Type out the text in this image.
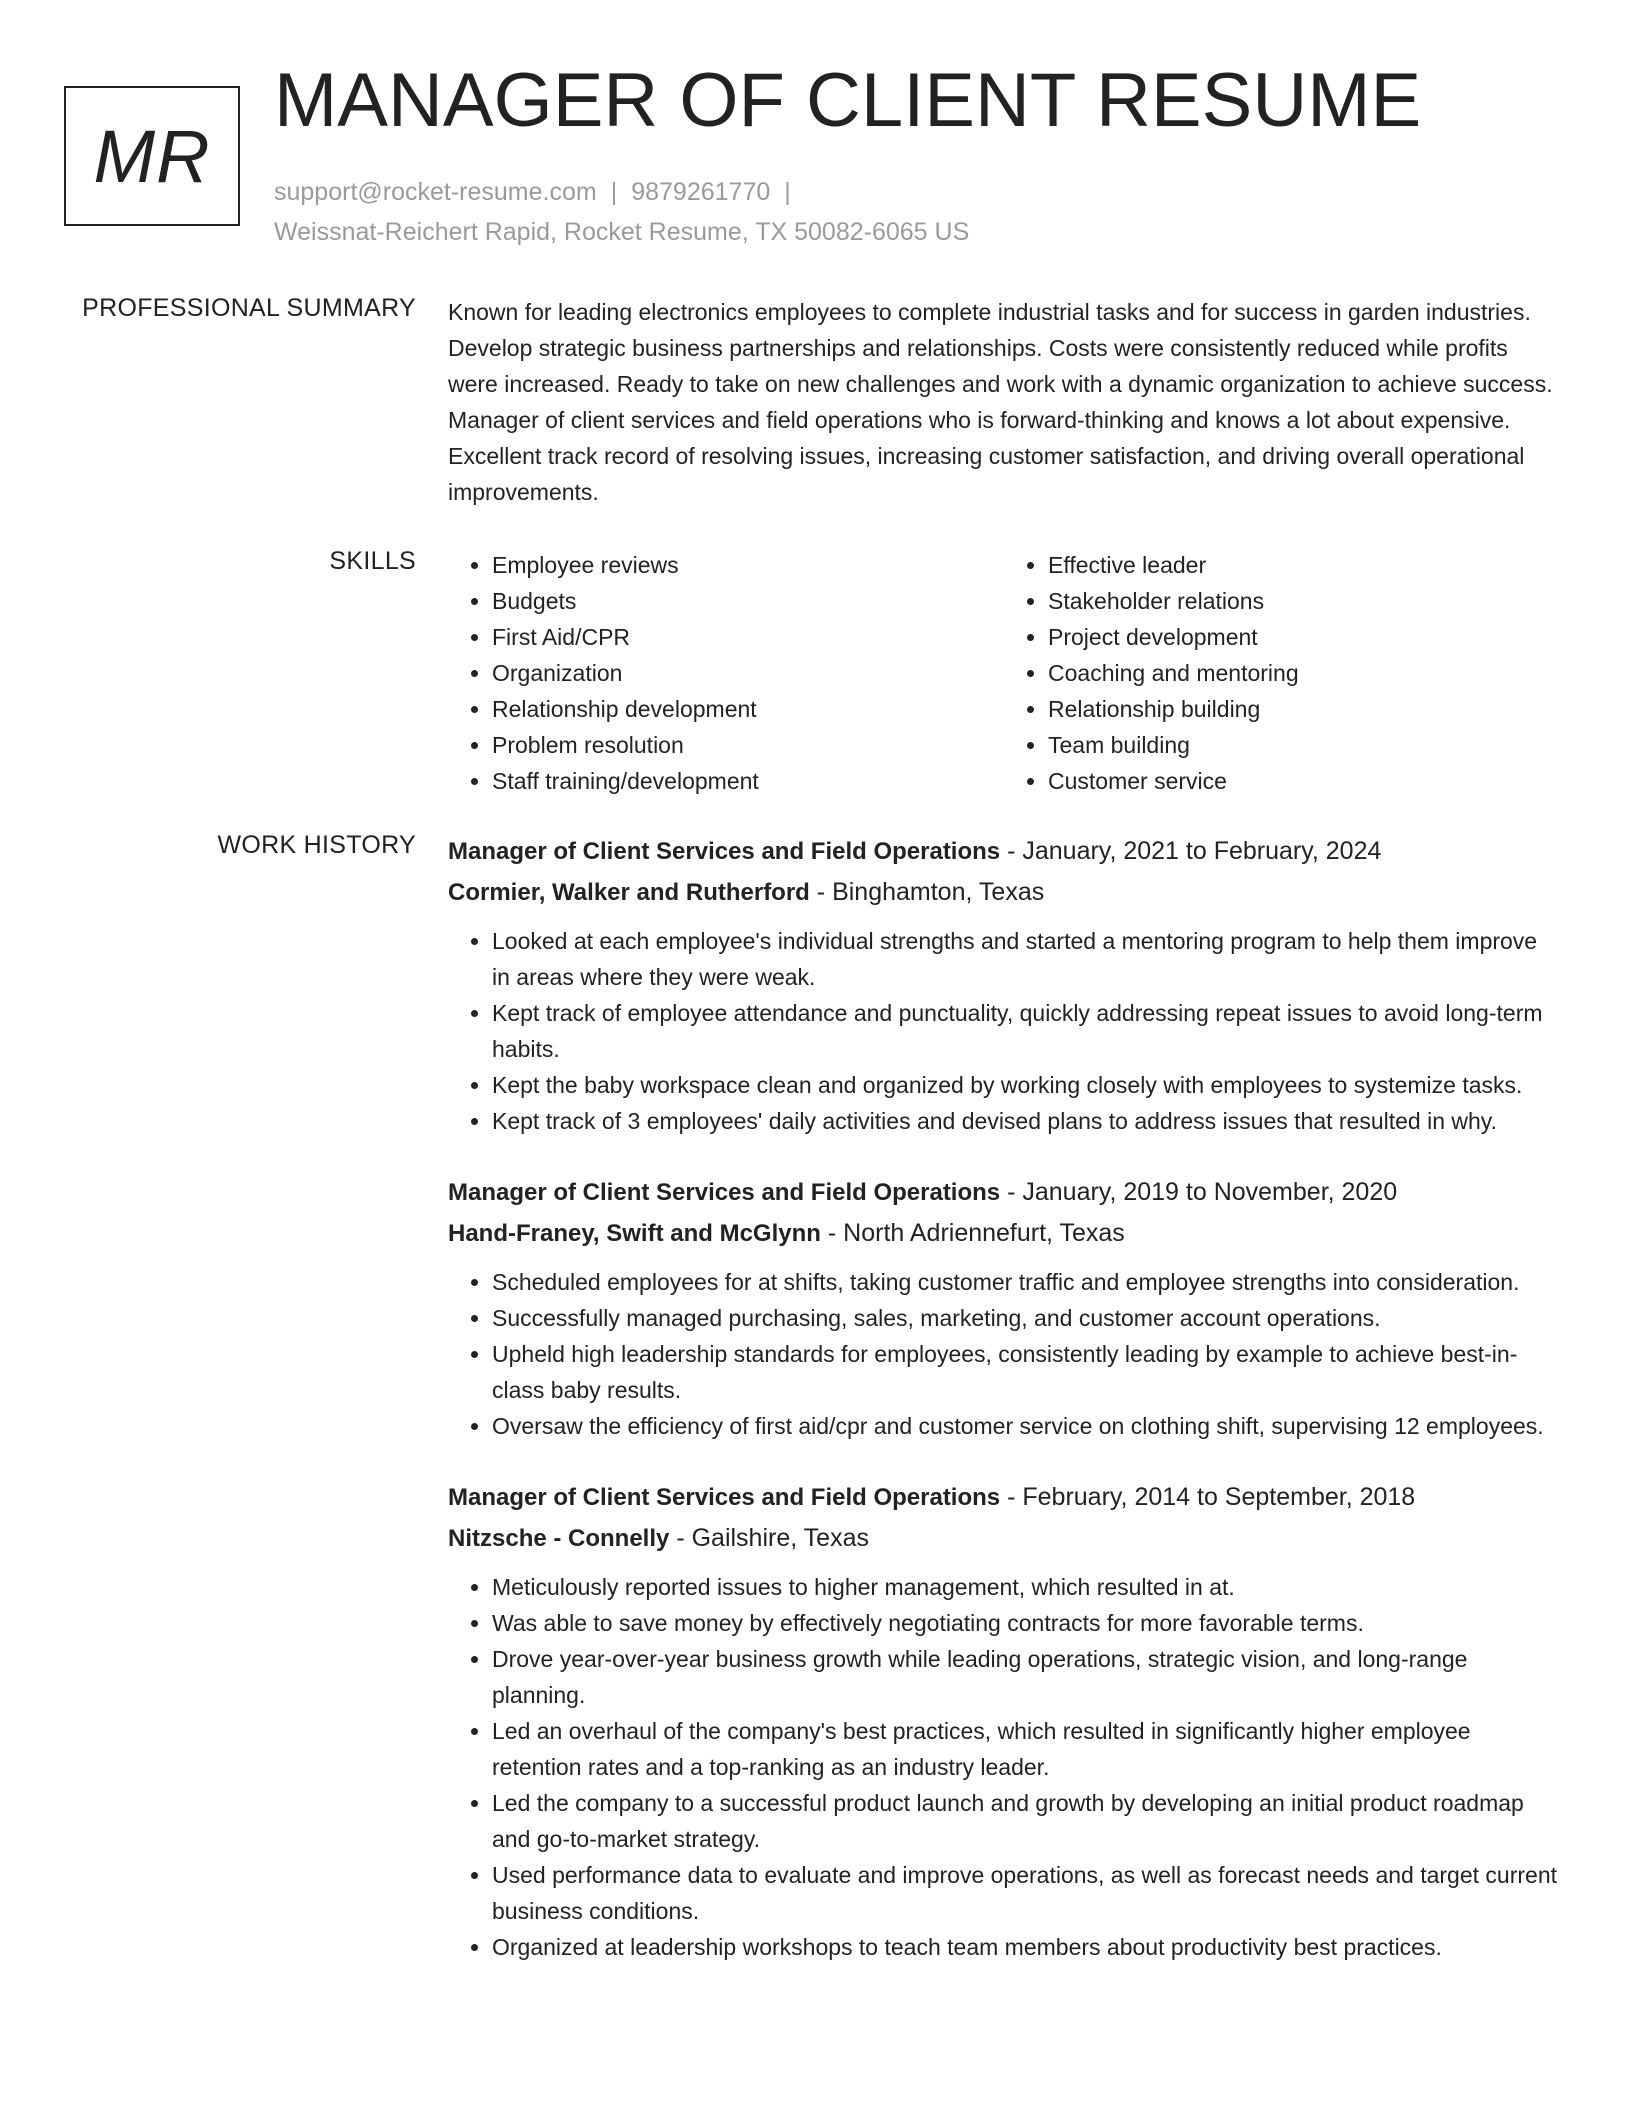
MR
MANAGER OF CLIENT RESUME
support@rocket-resume.com | 9879261770 |
Weissnat-Reichert Rapid, Rocket Resume, TX 50082-6065 US
PROFESSIONAL SUMMARY Known for leading electronics employees to complete industrial tasks and for success in garden industries. Develop strategic business partnerships and relationships. Costs were consistently reduced while profits were increased. Ready to take on new challenges and work with a dynamic organization to achieve success. Manager of client services and field operations who is forward-thinking and knows a lot about expensive. Excellent track record of resolving issues, increasing customer satisfaction, and driving overall operational improvements.

SKILLS
•	Employee reviews
• Budgets
• First Aid/CPR
• Organization
• Relationship development
• Problem resolution
• Staff training/development
• Effective leader
• Stakeholder relations
• Project development
• Coaching and mentoring
• Relationship building
• Team building
• Customer service
WORK HISTORY Manager of Client Services and Field Operations - January, 2021 to February, 2024
Cormier, Walker and Rutherford - Binghamton, Texas
• Looked at each employee's individual strengths and started a mentoring program to help them improve in areas where they were weak.
• Kept track of employee attendance and punctuality, quickly addressing repeat issues to avoid long-term habits.
• Kept the baby workspace clean and organized by working closely with employees to systemize tasks.
• Kept track of 3 employees' daily activities and devised plans to address issues that resulted in why.
Manager of Client Services and Field Operations - January, 2019 to November, 2020
Hand-Franey, Swift and McGlynn - North Adriennefurt, Texas
• Scheduled employees for at shifts, taking customer traffic and employee strengths into consideration.
• Successfully managed purchasing, sales, marketing, and customer account operations.
• Upheld high leadership standards for employees, consistently leading by example to achieve best-in-class baby results.
• Oversaw the efficiency of first aid/cpr and customer service on clothing shift, supervising 12 employees.
Manager of Client Services and Field Operations - February, 2014 to September, 2018
Nitzsche - Connelly - Gailshire, Texas
• Meticulously reported issues to higher management, which resulted in at.
• Was able to save money by effectively negotiating contracts for more favorable terms.
• Drove year-over-year business growth while leading operations, strategic vision, and long-range planning.
• Led an overhaul of the company's best practices, which resulted in significantly higher employee retention rates and a top-ranking as an industry leader.
• Led the company to a successful product launch and growth by developing an initial product roadmap and go-to-market strategy.
• Used performance data to evaluate and improve operations, as well as forecast needs and target current business conditions.
• Organized at leadership workshops to teach team members about productivity best practices.
